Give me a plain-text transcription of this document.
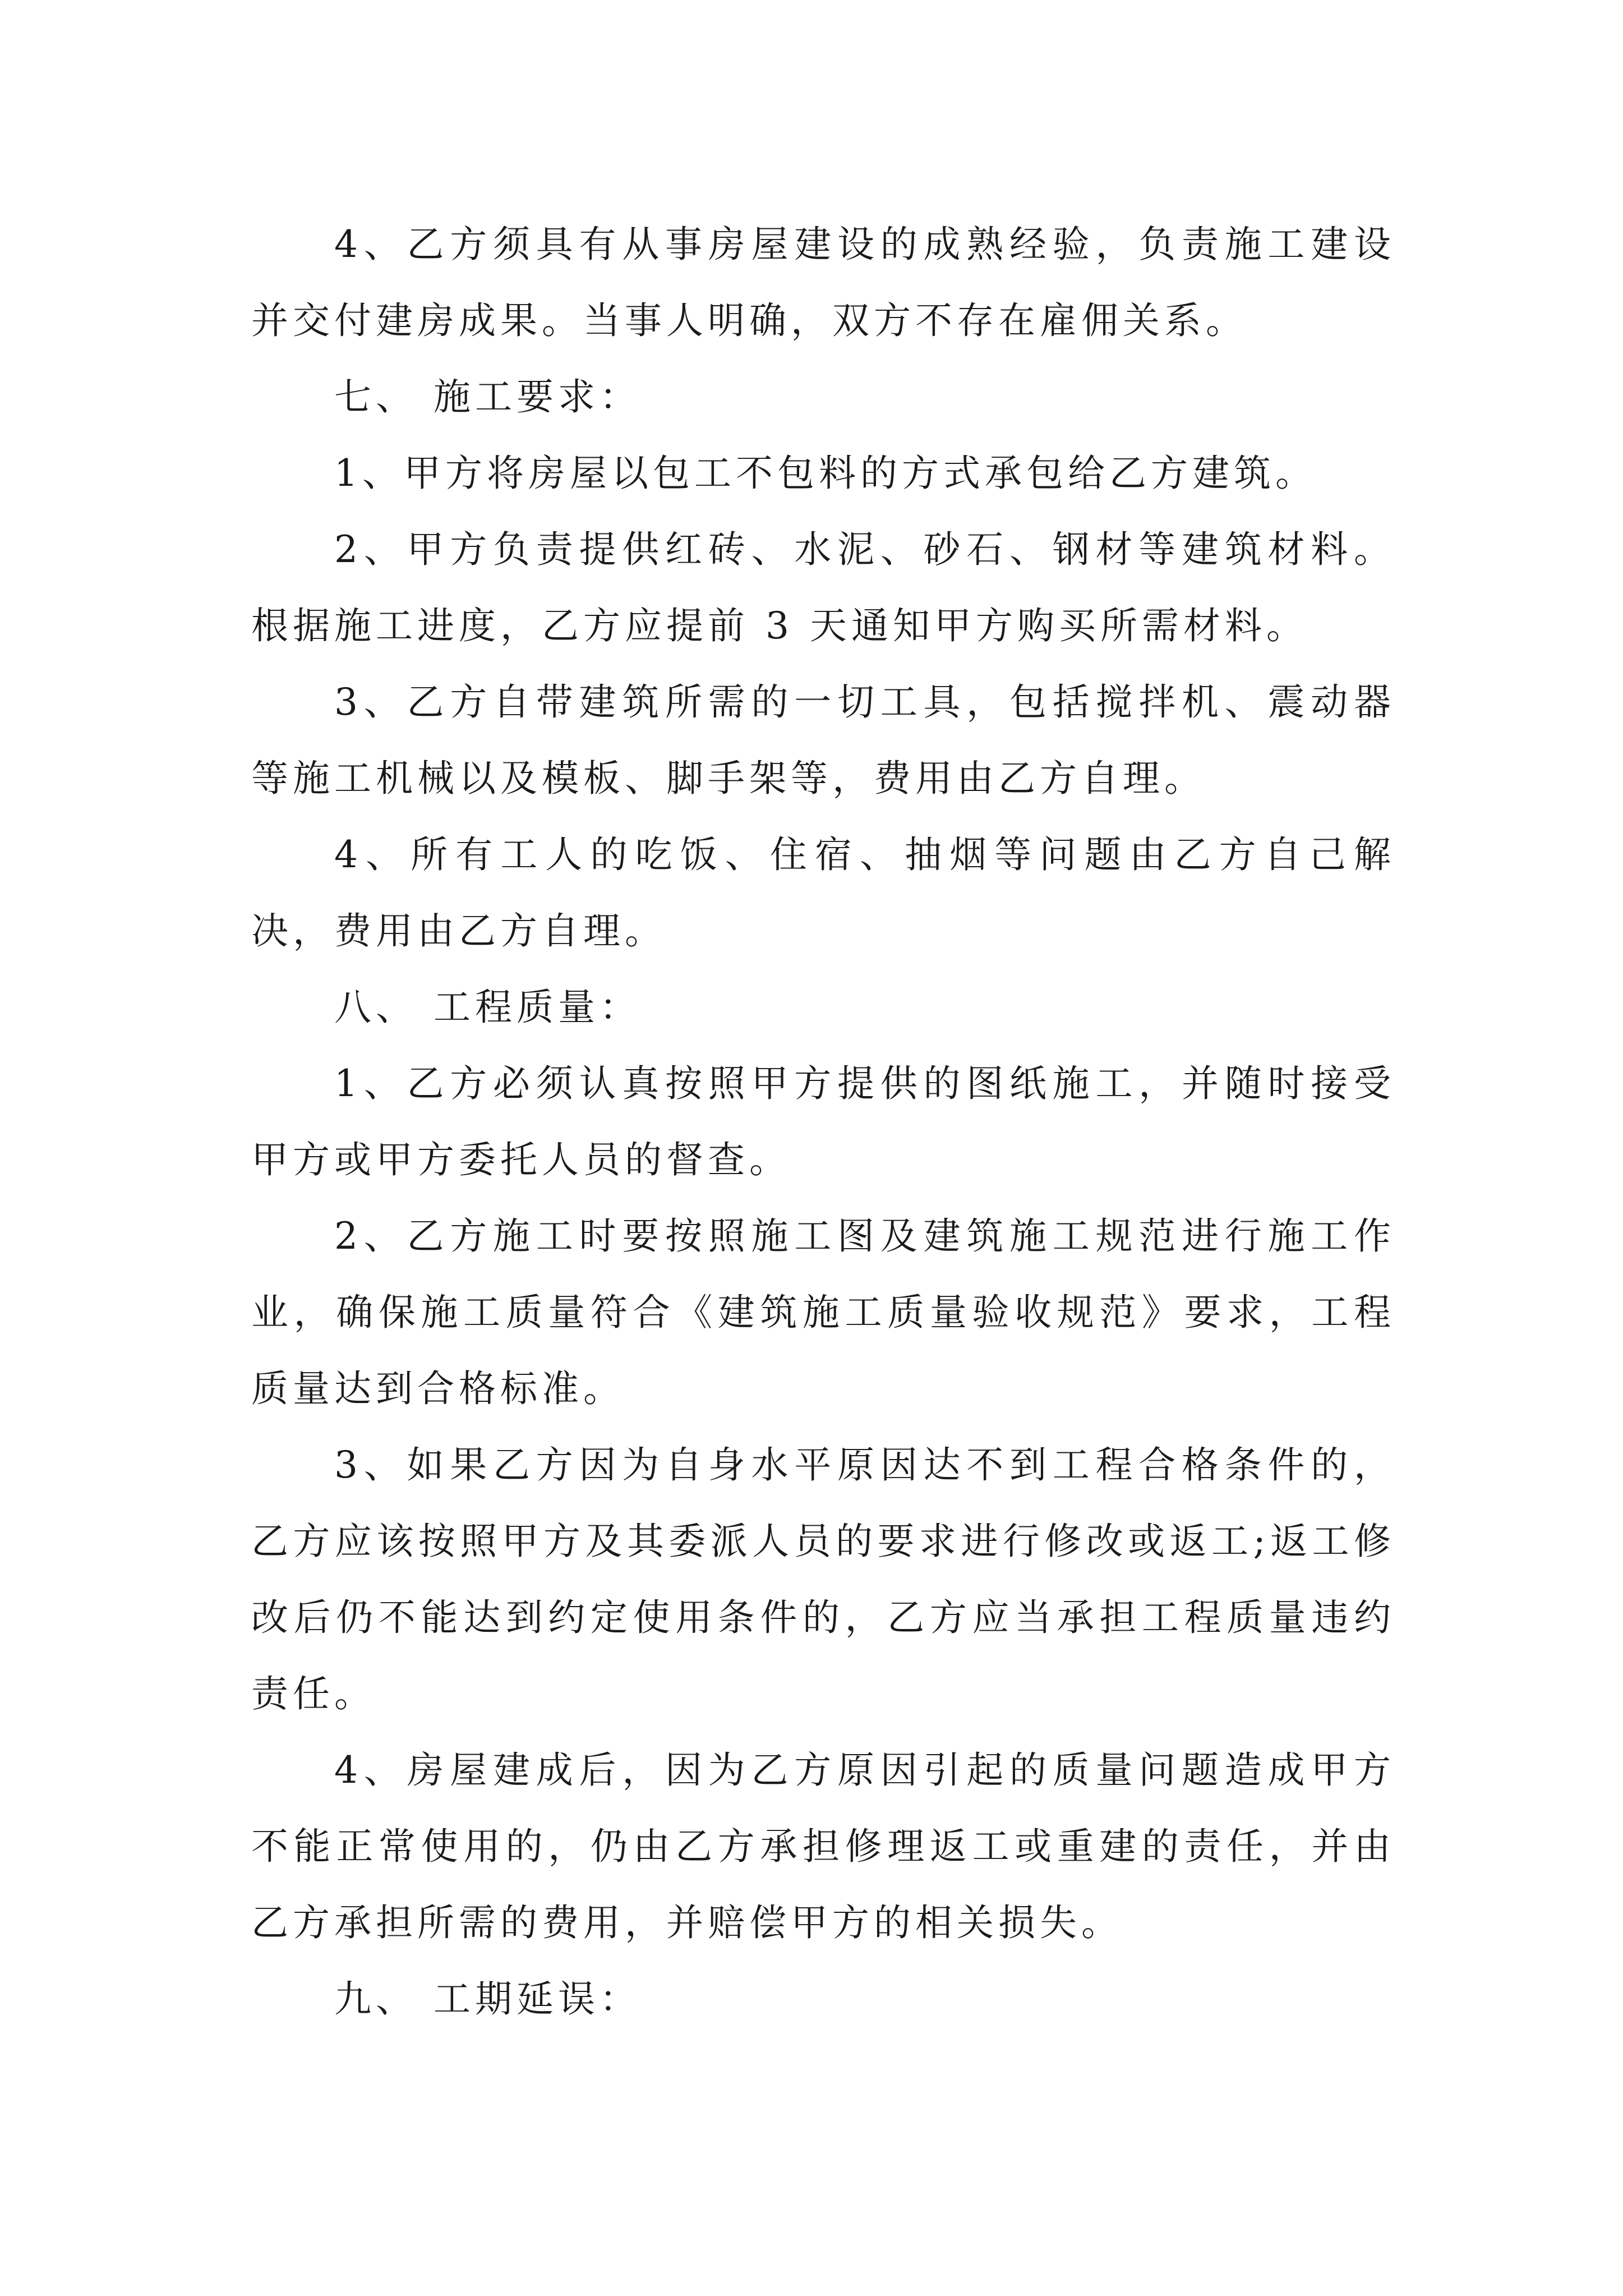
4、乙方须具有从事房屋建设的成熟经验，负责施工建设并交付建房成果。当事人明确，双方不存在雇佣关系。

七、 施工要求：

1、甲方将房屋以包工不包料的方式承包给乙方建筑。

2、甲方负责提供红砖、水泥、砂石、钢材等建筑材料。根据施工进度，乙方应提前 3 天通知甲方购买所需材料。

3、乙方自带建筑所需的一切工具，包括搅拌机、震动器等施工机械以及模板、脚手架等，费用由乙方自理。

4、所有工人的吃饭、住宿、抽烟等问题由乙方自己解决，费用由乙方自理。

八、 工程质量：

1、乙方必须认真按照甲方提供的图纸施工，并随时接受甲方或甲方委托人员的督查。

2、乙方施工时要按照施工图及建筑施工规范进行施工作业，确保施工质量符合《建筑施工质量验收规范》要求，工程质量达到合格标准。

3、如果乙方因为自身水平原因达不到工程合格条件的，乙方应该按照甲方及其委派人员的要求进行修改或返工;返工修改后仍不能达到约定使用条件的，乙方应当承担工程质量违约责任。

4、房屋建成后，因为乙方原因引起的质量问题造成甲方不能正常使用的，仍由乙方承担修理返工或重建的责任，并由乙方承担所需的费用，并赔偿甲方的相关损失。

九、 工期延误：
